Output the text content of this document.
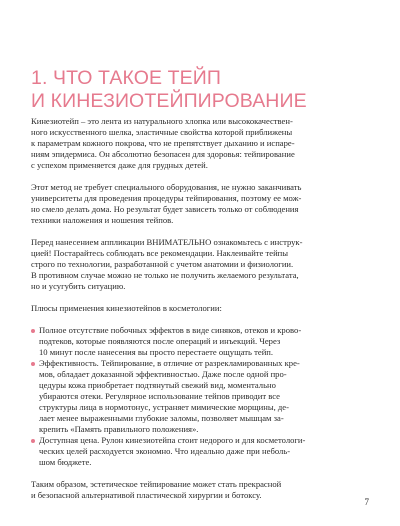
1. ЧТО ТАКОЕ ТЕЙП
И КИНЕЗИОТЕЙПИРОВАНИЕ

Кинезиотейп – это лента из натурального хлопка или высококачествен-
ного искусственного шелка, эластичные свойства которой приближены
к параметрам кожного покрова, что не препятствует дыханию и испаре-
ниям эпидермиса. Он абсолютно безопасен для здоровья: тейпирование
с успехом применяется даже для грудных детей.

Этот метод не требует специального оборудования, не нужно заканчивать
университеты для проведения процедуры тейпирования, поэтому ее мож-
но смело делать дома. Но результат будет зависеть только от соблюдения
техники наложения и ношения тейпов.

Перед нанесением аппликации ВНИМАТЕЛЬНО ознакомьтесь с инструк-
цией! Постарайтесь соблюдать все рекомендации. Наклеивайте тейпы
строго по технологии, разработанной с учетом анатомии и физиологии.
В противном случае можно не только не получить желаемого результата,
но и усугубить ситуацию.

Плюсы применения кинезиотейпов в косметологии:

Полное отсутствие побочных эффектов в виде синяков, отеков и крово-
подтеков, которые появляются после операций и инъекций. Через
10 минут после нанесения вы просто перестаете ощущать тейп.
Эффективность. Тейпирование, в отличие от разрекламированных кре-
мов, обладает доказанной эффективностью. Даже после одной про-
цедуры кожа приобретает подтянутый свежий вид, моментально
убираются отеки. Регулярное использование тейпов приводит все
структуры лица в нормотонус, устраняет мимические морщины, де-
лает менее выраженными глубокие заломы, позволяет мышцам за-
крепить «Память правильного положения».
Доступная цена. Рулон кинезиотейпа стоит недорого и для косметологи-
ческих целей расходуется экономно. Что идеально даже при неболь-
шом бюджете.

Таким образом, эстетическое тейпирование может стать прекрасной
и безопасной альтернативой пластической хирургии и ботоксу.

7
